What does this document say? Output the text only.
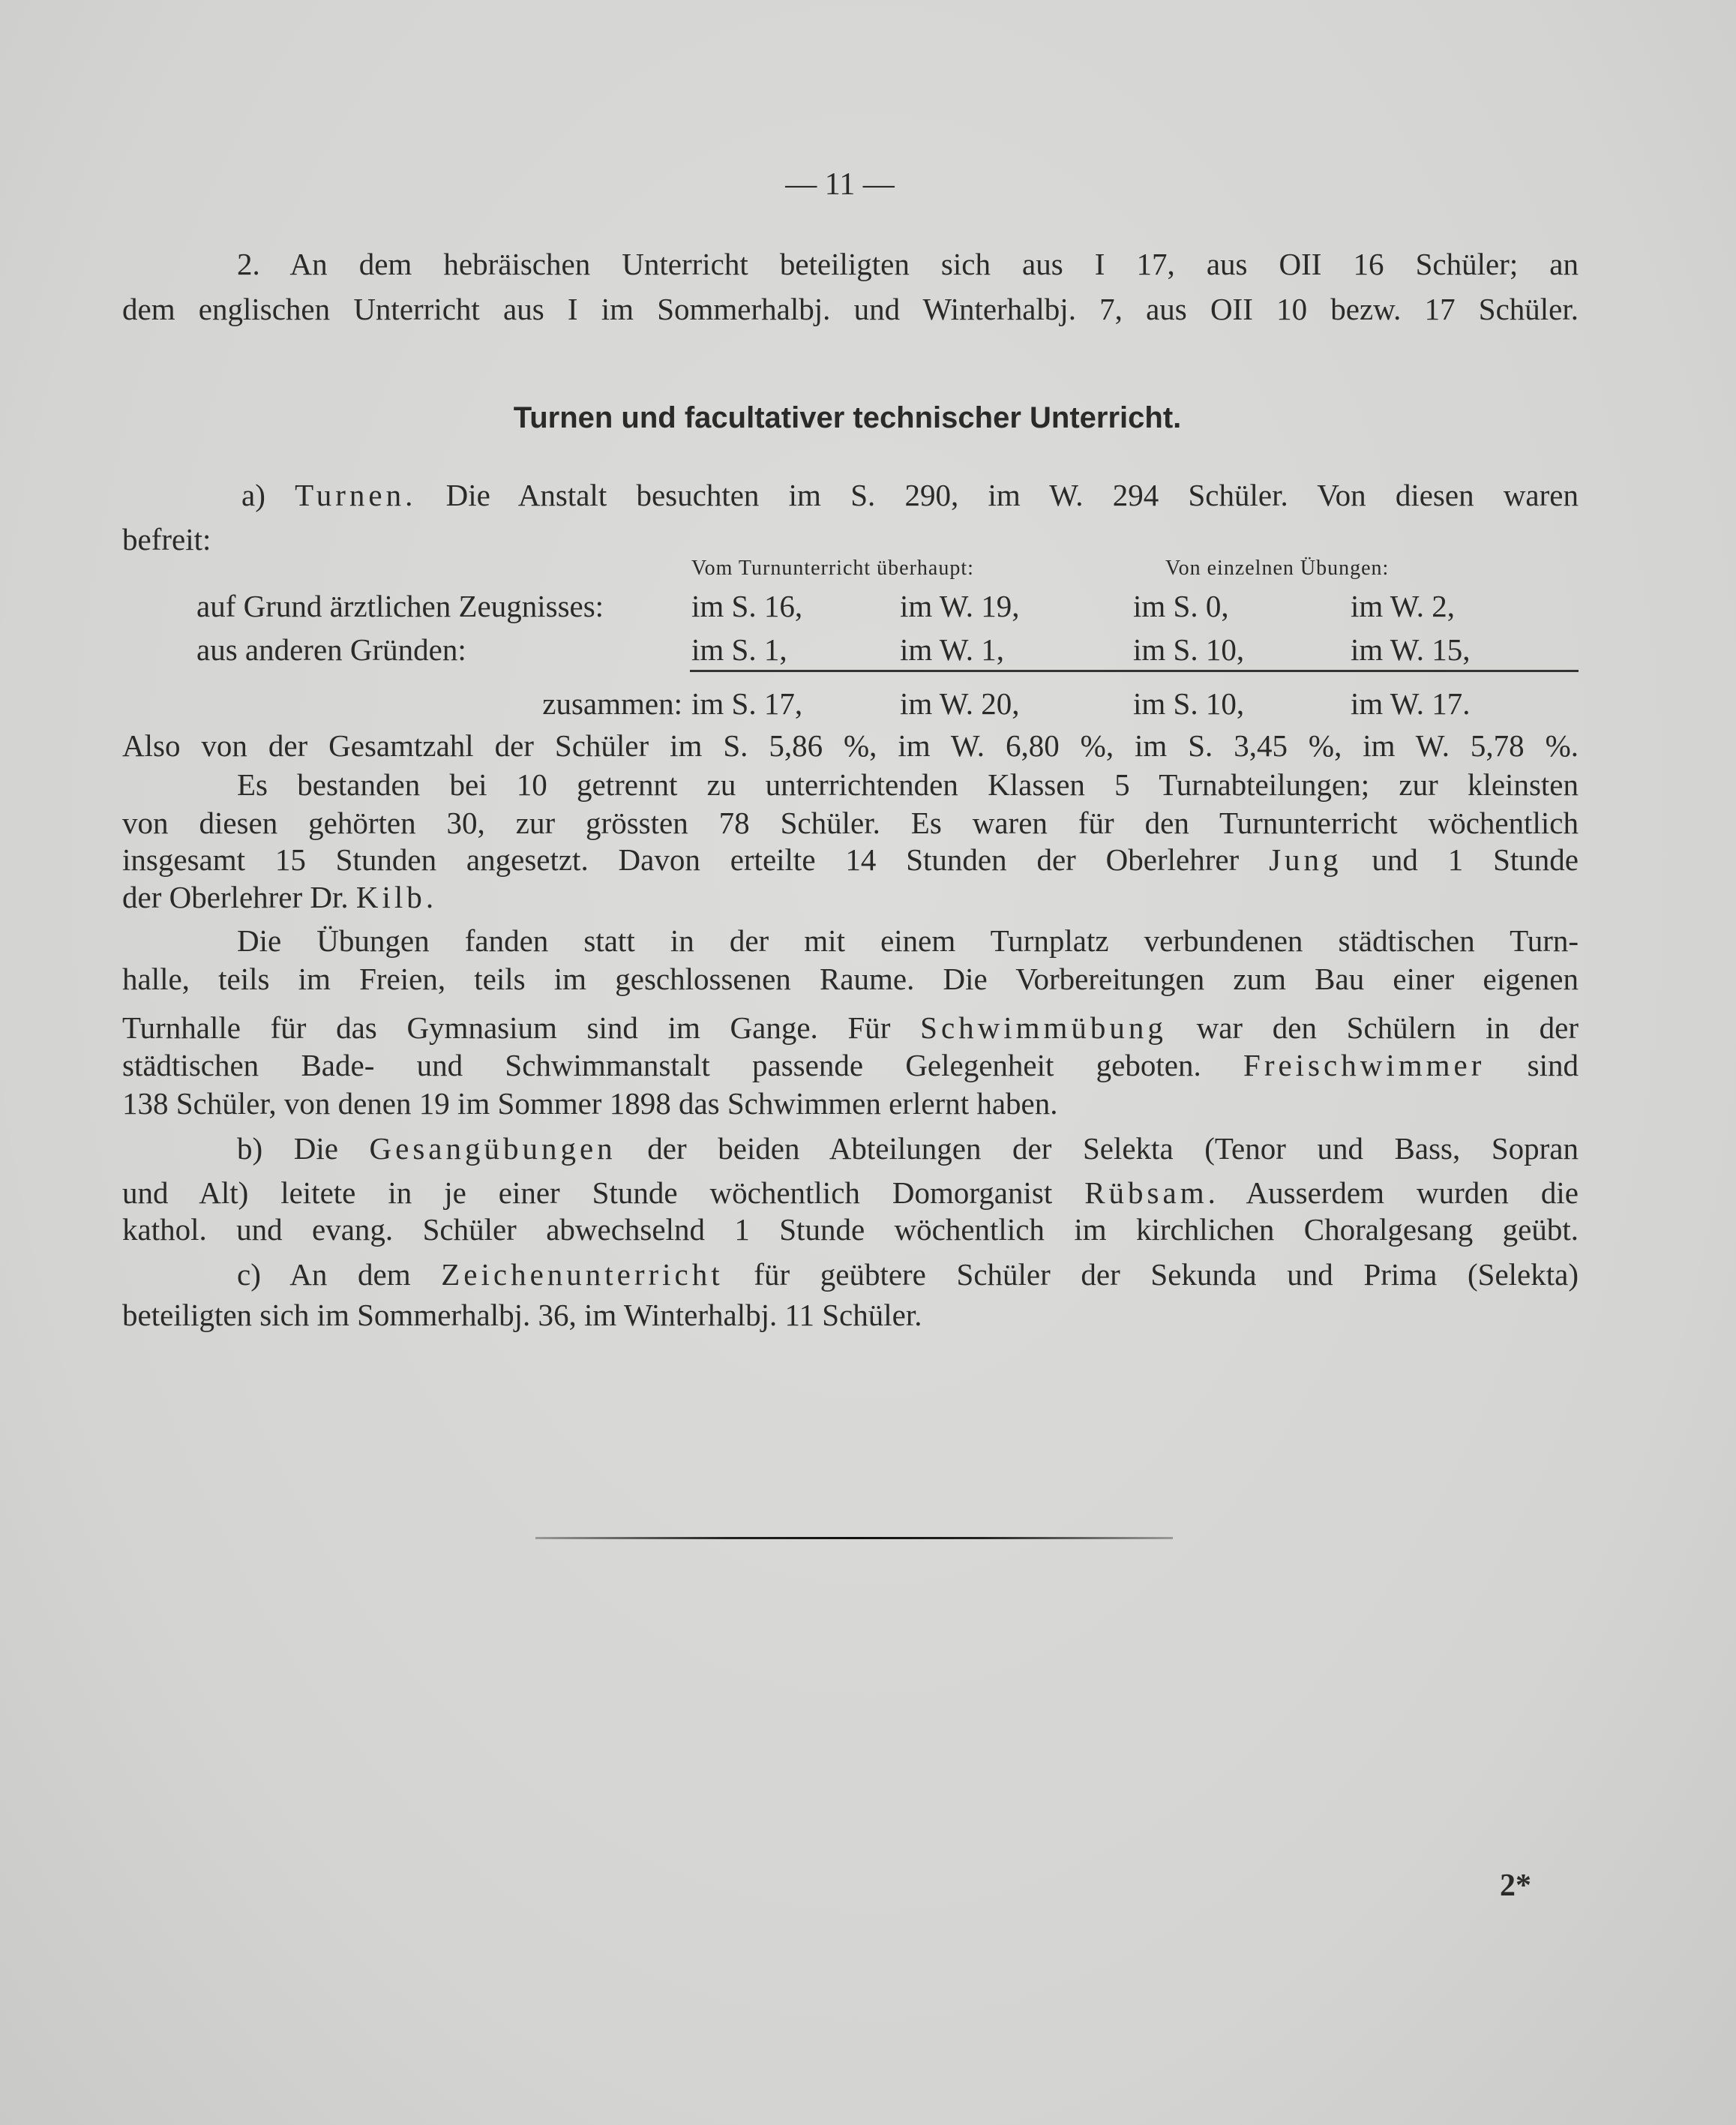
— 11 —
2. An dem hebräischen Unterricht beteiligten sich aus I 17, aus OII 16 Schüler; an
dem englischen Unterricht aus I im Sommerhalbj. und Winterhalbj. 7, aus OII 10 bezw. 17 Schüler.
a) Turnen. Die Anstalt besuchten im S. 290, im W. 294 Schüler. Von diesen waren
befreit:
Also von der Gesamtzahl der Schüler im S. 5,86 %, im W. 6,80 %, im S. 3,45 %, im W. 5,78 %.
Es bestanden bei 10 getrennt zu unterrichtenden Klassen 5 Turnabteilungen; zur kleinsten
von diesen gehörten 30, zur grössten 78 Schüler. Es waren für den Turnunterricht wöchentlich
insgesamt 15 Stunden angesetzt. Davon erteilte 14 Stunden der Oberlehrer Jung und 1 Stunde
der Oberlehrer Dr. Kilb.
Die Übungen fanden statt in der mit einem Turnplatz verbundenen städtischen Turn-
halle, teils im Freien, teils im geschlossenen Raume. Die Vorbereitungen zum Bau einer eigenen
Turnhalle für das Gymnasium sind im Gange. Für Schwimmübung war den Schülern in der
städtischen Bade- und Schwimmanstalt passende Gelegenheit geboten. Freischwimmer sind
138 Schüler, von denen 19 im Sommer 1898 das Schwimmen erlernt haben.
b) Die Gesangübungen der beiden Abteilungen der Selekta (Tenor und Bass, Sopran
und Alt) leitete in je einer Stunde wöchentlich Domorganist Rübsam. Ausserdem wurden die
kathol. und evang. Schüler abwechselnd 1 Stunde wöchentlich im kirchlichen Choralgesang geübt.
c) An dem Zeichenunterricht für geübtere Schüler der Sekunda und Prima (Selekta)
beteiligten sich im Sommerhalbj. 36, im Winterhalbj. 11 Schüler.
Turnen und facultativer technischer Unterricht.
Vom Turnunterricht überhaupt:	Von einzelnen Übungen:
auf Grund ärztlichen Zeugnisses:	im S. 16,	im W. 19,	im S. 0,	im W. 2,
aus anderen Gründen:	im S. 1,	im W. 1,	im S. 10,	im W. 15,
zusammen: im S. 17,	im W. 20,	im S. 10,	im W. 17.
2*
